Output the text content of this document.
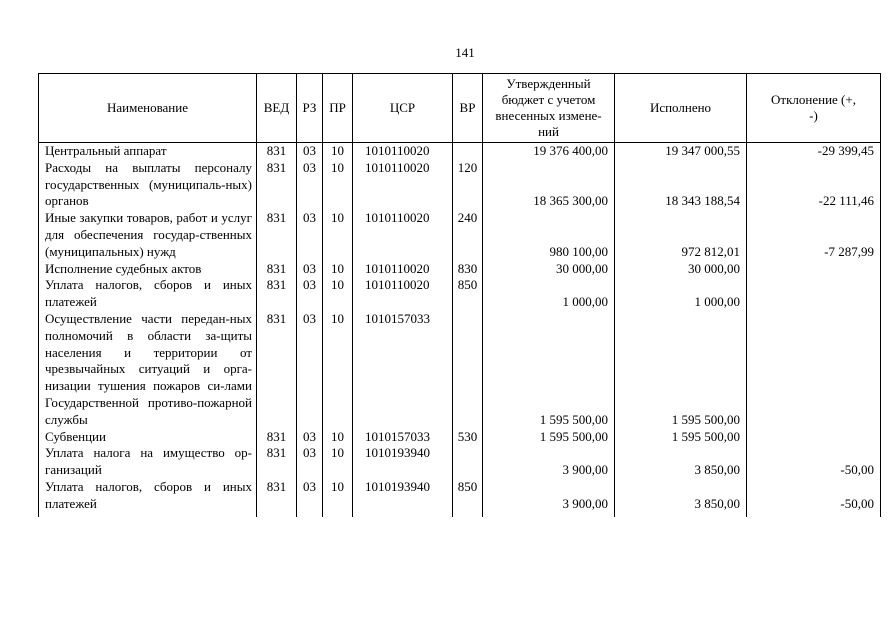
141
Наименование	ВЕД	РЗ	ПР	ЦСР	ВР	Утвержденный бюджет с учетом внесенных измене-ний	Исполнено	Отклонение (+, -)
Центральный аппарат	831	03	10	1010110020		19 376 400,00	19 347 000,55	-29 399,45
Расходы на выплаты персоналу государственных (муниципаль-ных) органов	831	03	10	1010110020	120	18 365 300,00	18 343 188,54	-22 111,46
Иные закупки товаров, работ и услуг для обеспечения государ-ственных (муниципальных) нужд	831	03	10	1010110020	240	980 100,00	972 812,01	-7 287,99
Исполнение судебных актов	831	03	10	1010110020	830	30 000,00	30 000,00	
Уплата налогов, сборов и иных платежей	831	03	10	1010110020	850	1 000,00	1 000,00	
Осуществление части передан-ных полномочий в области за-щиты населения и территории от чрезвычайных ситуаций и орга-низации тушения пожаров си-лами Государственной противо-пожарной службы	831	03	10	1010157033		1 595 500,00	1 595 500,00	
Субвенции	831	03	10	1010157033	530	1 595 500,00	1 595 500,00	
Уплата налога на имущество ор-ганизаций	831	03	10	1010193940		3 900,00	3 850,00	-50,00
Уплата налогов, сборов и иных платежей	831	03	10	1010193940	850	3 900,00	3 850,00	-50,00
